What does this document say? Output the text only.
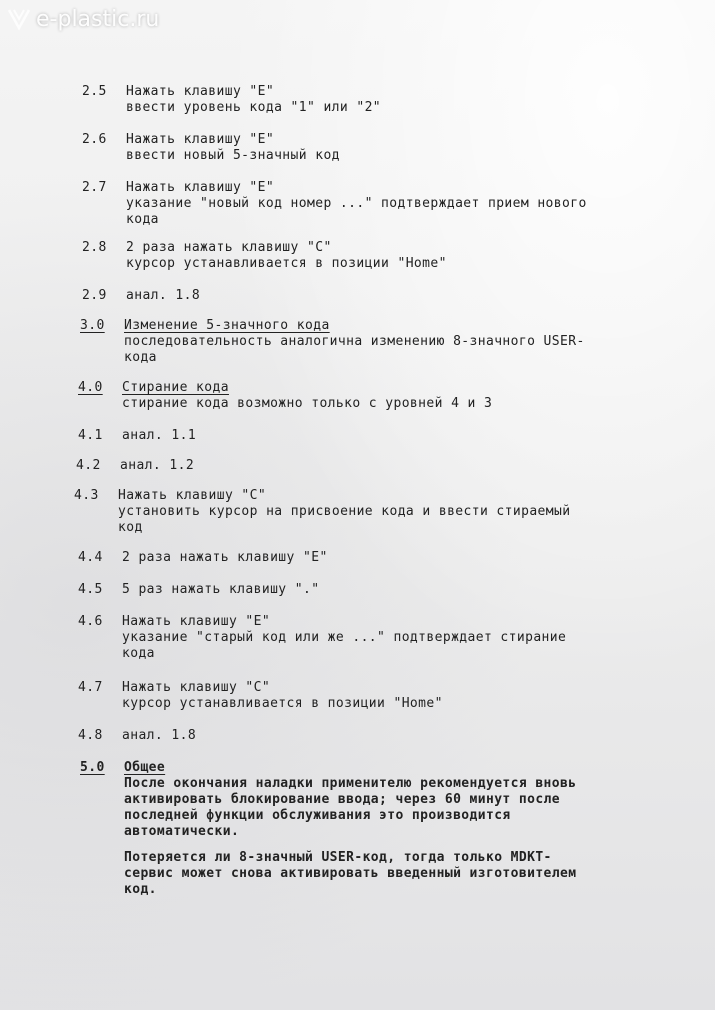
e-plastic.ru
2.5 Нажать клавишу "E"
ввести уровень кода "1" или "2"
2.6 Нажать клавишу "E"
ввести новый 5-значный код
2.7 Нажать клавишу "E"
указание "новый код номер ..." подтверждает прием нового
кода
2.8 2 раза нажать клавишу "C"
курсор устанавливается в позиции "Home"
2.9 анал. 1.8
3.0 Изменение 5-значного кода
последовательность аналогична изменению 8-значного USER-
кода
4.0 Стирание кода
стирание кода возможно только с уровней 4 и 3
4.1 анал. 1.1
4.2 анал. 1.2
4.3 Нажать клавишу "C"
установить курсор на присвоение кода и ввести стираемый
код
4.4 2 раза нажать клавишу "E"
4.5 5 раз нажать клавишу "."
4.6 Нажать клавишу "E"
указание "старый код или же ..." подтверждает стирание
кода
4.7 Нажать клавишу "C"
курсор устанавливается в позиции "Home"
4.8 анал. 1.8
5.0 Общее
После окончания наладки применителю рекомендуется вновь
активировать блокирование ввода; через 60 минут после
последней функции обслуживания это производится
автоматически.
Потеряется ли 8-значный USER-код, тогда только MDKT-
сервис может снова активировать введенный изготовителем
код.
